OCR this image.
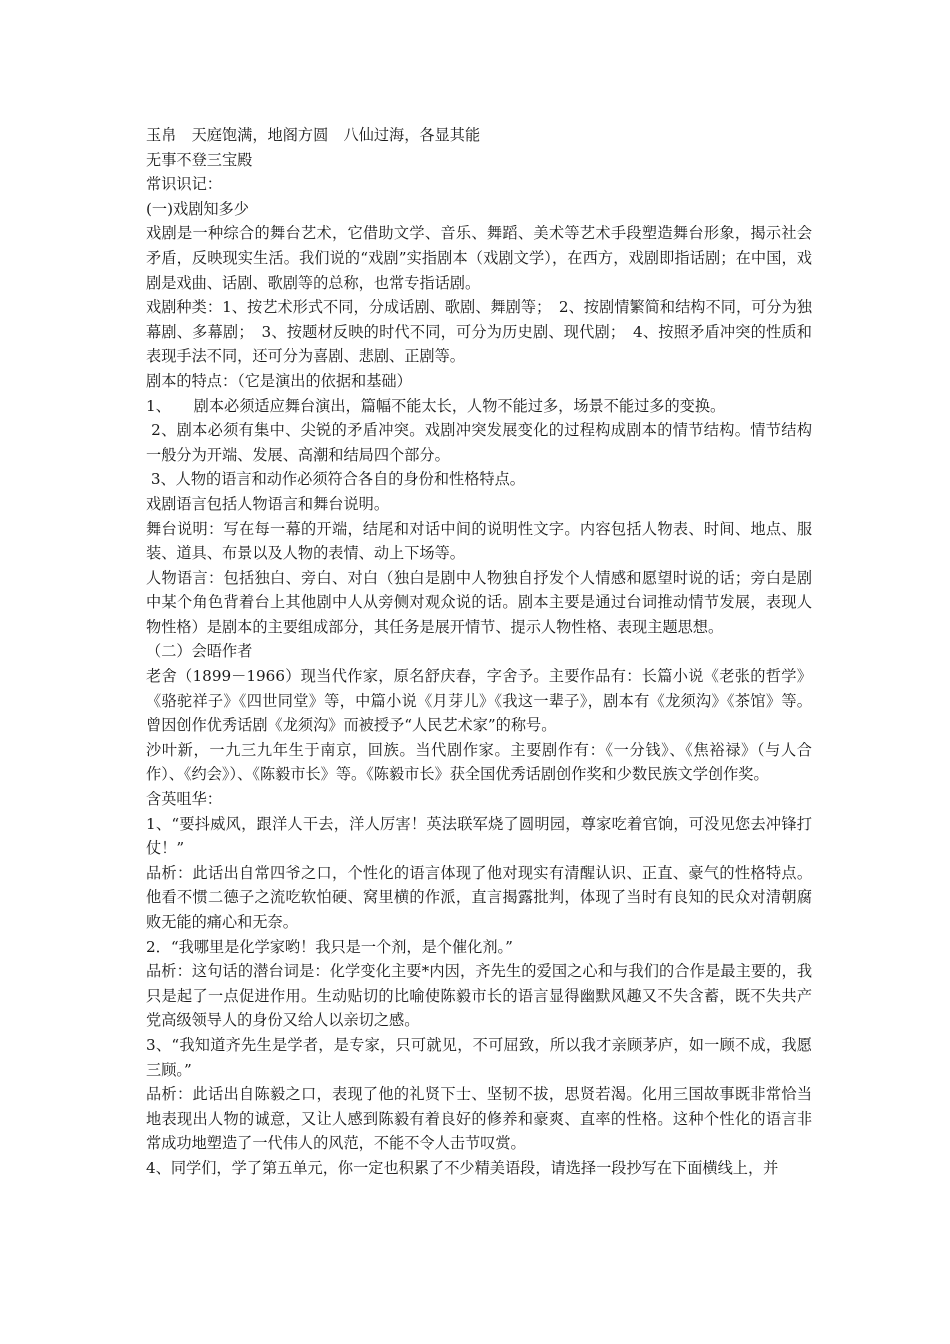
玉帛　天庭饱满，地阁方圆　八仙过海，各显其能

无事不登三宝殿

常识识记：

(一)戏剧知多少

戏剧是一种综合的舞台艺术，它借助文学、音乐、舞蹈、美术等艺术手段塑造舞台形象，揭示社会矛盾，反映现实生活。我们说的“戏剧”实指剧本（戏剧文学），在西方，戏剧即指话剧；在中国，戏剧是戏曲、话剧、歌剧等的总称，也常专指话剧。

戏剧种类：1、按艺术形式不同，分成话剧、歌剧、舞剧等；　2、按剧情繁简和结构不同，可分为独幕剧、多幕剧；　3、按题材反映的时代不同，可分为历史剧、现代剧；　4、按照矛盾冲突的性质和表现手法不同，还可分为喜剧、悲剧、正剧等。

剧本的特点：（它是演出的依据和基础）

1、　　剧本必须适应舞台演出，篇幅不能太长，人物不能过多，场景不能过多的变换。

2、剧本必须有集中、尖锐的矛盾冲突。戏剧冲突发展变化的过程构成剧本的情节结构。情节结构一般分为开端、发展、高潮和结局四个部分。

3、人物的语言和动作必须符合各自的身份和性格特点。

戏剧语言包括人物语言和舞台说明。

舞台说明：写在每一幕的开端，结尾和对话中间的说明性文字。内容包括人物表、时间、地点、服装、道具、布景以及人物的表情、动上下场等。

人物语言：包括独白、旁白、对白（独白是剧中人物独自抒发个人情感和愿望时说的话；旁白是剧中某个角色背着台上其他剧中人从旁侧对观众说的话。剧本主要是通过台词推动情节发展，表现人物性格）是剧本的主要组成部分，其任务是展开情节、提示人物性格、表现主题思想。

（二）会晤作者

老舍（1899－1966）现当代作家，原名舒庆春，字舍予。主要作品有：长篇小说《老张的哲学》《骆驼祥子》《四世同堂》等，中篇小说《月芽儿》《我这一辈子》，剧本有《龙须沟》《茶馆》等。曾因创作优秀话剧《龙须沟》而被授予“人民艺术家”的称号。

沙叶新，一九三九年生于南京，回族。当代剧作家。主要剧作有：《一分钱》、《焦裕禄》（与人合作）、《约会》）、《陈毅市长》等。《陈毅市长》获全国优秀话剧创作奖和少数民族文学创作奖。

含英咀华：

1、“要抖威风，跟洋人干去，洋人厉害！英法联军烧了圆明园，尊家吃着官饷，可没见您去冲锋打仗！”

品析：此话出自常四爷之口，个性化的语言体现了他对现实有清醒认识、正直、豪气的性格特点。他看不惯二德子之流吃软怕硬、窝里横的作派，直言揭露批判，体现了当时有良知的民众对清朝腐败无能的痛心和无奈。

2．“我哪里是化学家哟！我只是一个剂，是个催化剂。”

品析：这句话的潜台词是：化学变化主要*内因，齐先生的爱国之心和与我们的合作是最主要的，我只是起了一点促进作用。生动贴切的比喻使陈毅市长的语言显得幽默风趣又不失含蓄，既不失共产党高级领导人的身份又给人以亲切之感。

3、“我知道齐先生是学者，是专家，只可就见，不可屈致，所以我才亲顾茅庐，如一顾不成，我愿三顾。”

品析：此话出自陈毅之口，表现了他的礼贤下士、坚韧不拔，思贤若渴。化用三国故事既非常恰当地表现出人物的诚意，又让人感到陈毅有着良好的修养和豪爽、直率的性格。这种个性化的语言非常成功地塑造了一代伟人的风范，不能不令人击节叹赏。

4、同学们，学了第五单元，你一定也积累了不少精美语段，请选择一段抄写在下面横线上，并
